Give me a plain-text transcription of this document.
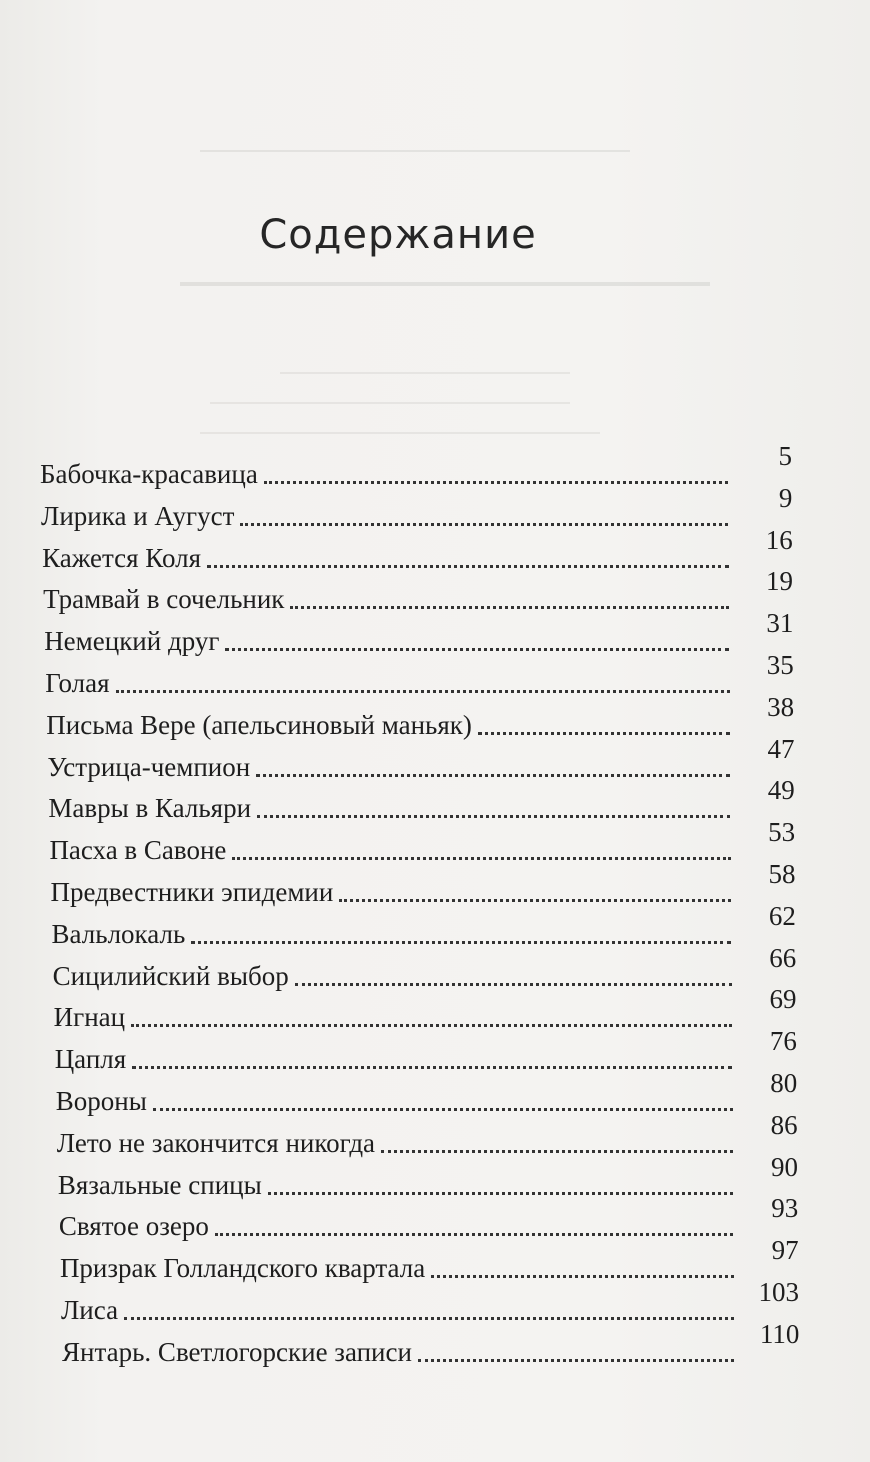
Содержание
Бабочка-красавица
5
Лирика и Аугуст
9
Кажется Коля
16
Трамвай в сочельник
19
Немецкий друг
31
Голая
35
Письма Вере (апельсиновый маньяк)
38
Устрица-чемпион
47
Мавры в Кальяри
49
Пасха в Савоне
53
Предвестники эпидемии
58
Вальлокаль
62
Сицилийский выбор
66
Игнац
69
Цапля
76
Вороны
80
Лето не закончится никогда
86
Вязальные спицы
90
Святое озеро
93
Призрак Голландского квартала
97
Лиса
103
Янтарь. Светлогорские записи
110
